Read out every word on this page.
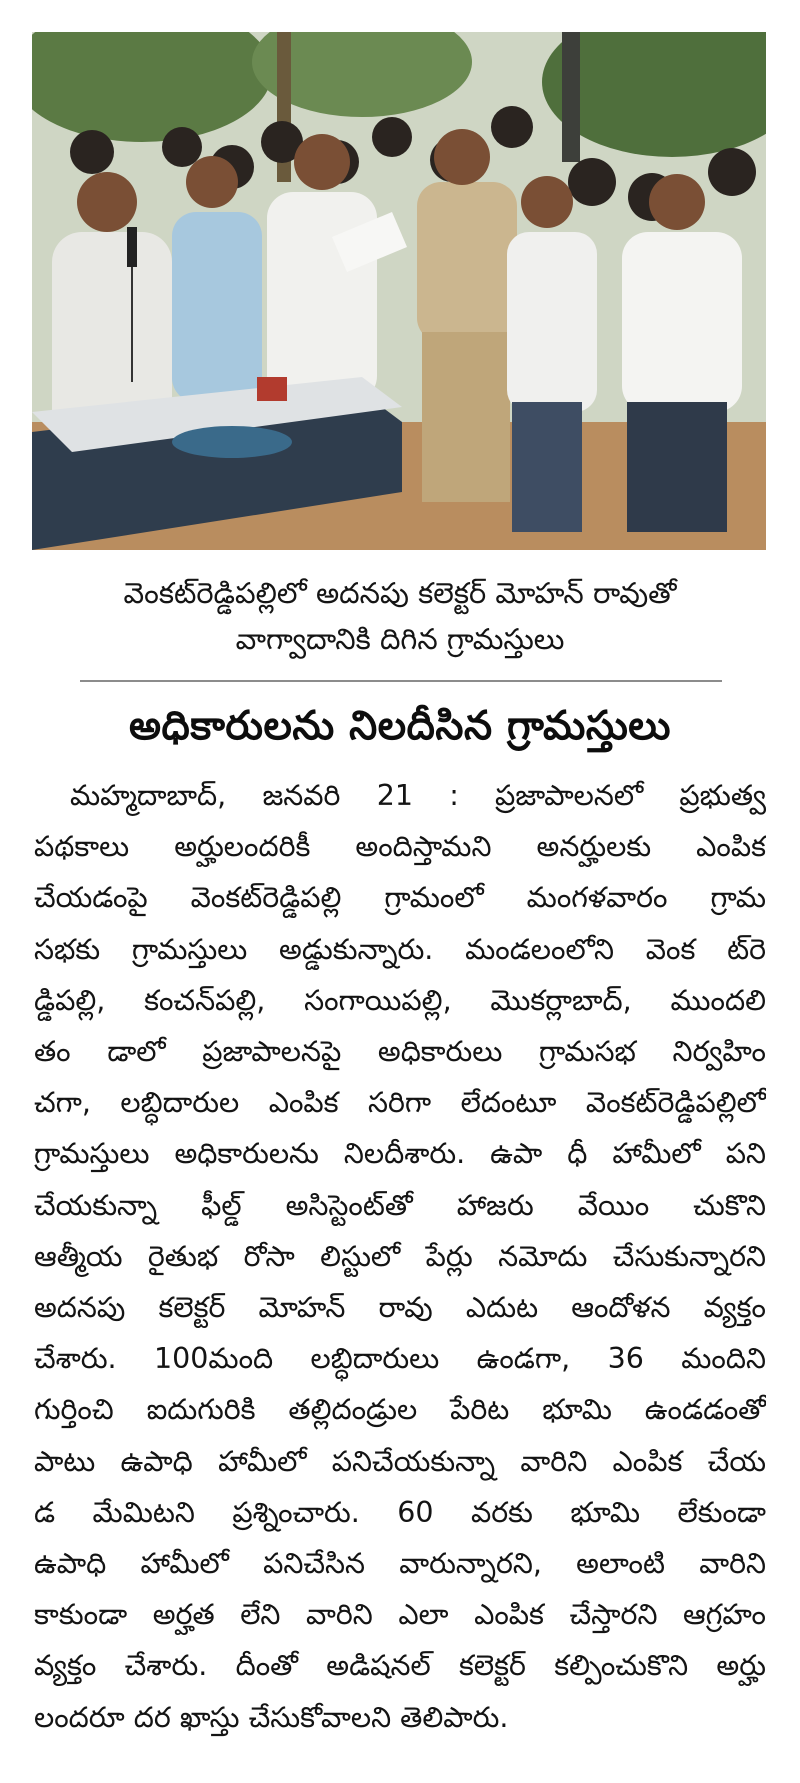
వెంకట్‌రెడ్డిపల్లిలో అదనపు కలెక్టర్ మోహన్ రావుతో
వాగ్వాదానికి దిగిన గ్రామస్తులు
అధికారులను నిలదీసిన గ్రామస్తులు
మహ్మదాబాద్, జనవరి 21 : ప్రజాపాలనలో ప్రభుత్వ
పథకాలు అర్హులందరికీ అందిస్తామని అనర్హులకు ఎంపిక
చేయడంపై వెంకట్‌రెడ్డిపల్లి గ్రామంలో మంగళవారం గ్రామ
సభకు గ్రామస్తులు అడ్డుకున్నారు. మండలంలోని వెంక ట్‌రె
డ్డిపల్లి, కంచన్‌పల్లి, సంగాయిపల్లి, మొకర్లాబాద్, ముందలి
తం డాలో ప్రజాపాలనపై అధికారులు గ్రామసభ నిర్వహిం
చగా, లబ్ధిదారుల ఎంపిక సరిగా లేదంటూ వెంకట్‌రెడ్డిపల్లిలో
గ్రామస్తులు అధికారులను నిలదీశారు. ఉపా ధీ హామీలో పని
చేయకున్నా ఫీల్డ్ అసిస్టెంట్‌తో హాజరు వేయిం చుకొని
ఆత్మీయ రైతుభ రోసా లిస్టులో పేర్లు నమోదు చేసుకున్నారని
అదనపు కలెక్టర్ మోహన్ రావు ఎదుట ఆందోళన వ్యక్తం
చేశారు. 100మంది లబ్ధిదారులు ఉండగా, 36 మందిని
గుర్తించి ఐదుగురికి తల్లిదండ్రుల పేరిట భూమి ఉండడంతో
పాటు ఉపాధి హామీలో పనిచేయకున్నా వారిని ఎంపిక చేయ
డ మేమిటని ప్రశ్నించారు. 60 వరకు భూమి లేకుండా
ఉపాధి హామీలో పనిచేసిన వారున్నారని, అలాంటి వారిని
కాకుండా అర్హత లేని వారిని ఎలా ఎంపిక చేస్తారని ఆగ్రహం
వ్యక్తం చేశారు. దీంతో అడిషనల్ కలెక్టర్ కల్పించుకొని అర్హు
లందరూ దర ఖాస్తు చేసుకోవాలని తెలిపారు.
